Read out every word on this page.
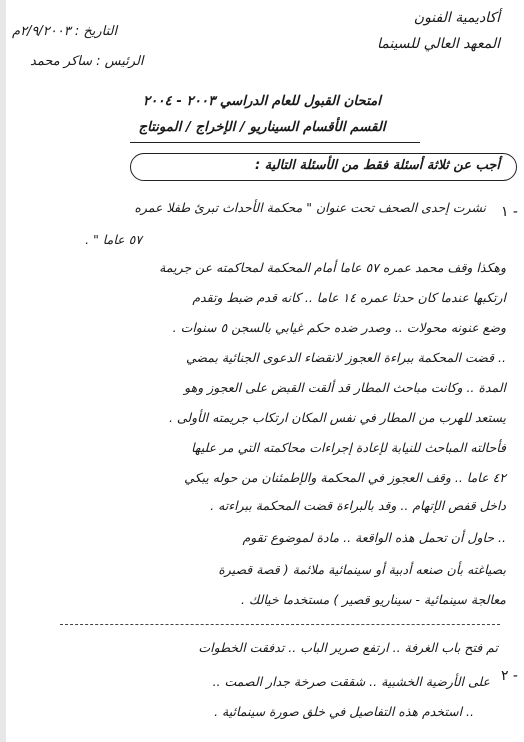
أكاديمية الفنون
المعهد العالي للسينما
التاريخ : ٢/٩/٢٠٠٣م
الرئيس : ساكر محمد
امتحان القبول للعام الدراسي ٢٠٠٣ - ٢٠٠٤
القسم الأقسام السيناريو / الإخراج / المونتاج
أجب عن ثلاثة أسئلة فقط من الأسئلة التالية :
١ -
نشرت إحدى الصحف تحت عنوان " محكمة الأحداث تبرئ طفلا عمره
٥٧ عاما " .
وهكذا وقف محمد عمره ٥٧ عاما أمام المحكمة لمحاكمته عن جريمة
ارتكبها عندما كان حدثا عمره ١٤ عاما .. كانه قدم ضبط وتقدم
وضع عنونه محولات .. وصدر ضده حكم غيابي بالسجن ٥ سنوات .
.. قضت المحكمة ببراءة العجوز لانقضاء الدعوى الجنائية بمضي
المدة .. وكانت مباحث المطار قد ألقت القبض على العجوز وهو
يستعد للهرب من المطار في نفس المكان ارتكاب جريمته الأولى .
فأحالته المباحث للنيابة لإعادة إجراءات محاكمته التي مر عليها
٤٢ عاما .. وقف العجوز في المحكمة والإطمئنان من حوله يبكي
داخل قفص الإتهام .. وقد بالبراءة قضت المحكمة ببراءته .
.. حاول أن تحمل هذه الواقعة .. مادة لموضوع تقوم
بصياغته بأن صنعه أدبية أو سينمائية ملائمة ( قصة قصيرة
معالجة سينمائية - سيناريو قصير ) مستخدما خيالك .
٢ -
تم فتح باب الغرفة .. ارتفع صرير الباب .. تدفقت الخطوات
على الأرضية الخشبية .. شققت صرخة جدار الصمت ..
.. استخدم هذه التفاصيل في خلق صورة سينمائية .
